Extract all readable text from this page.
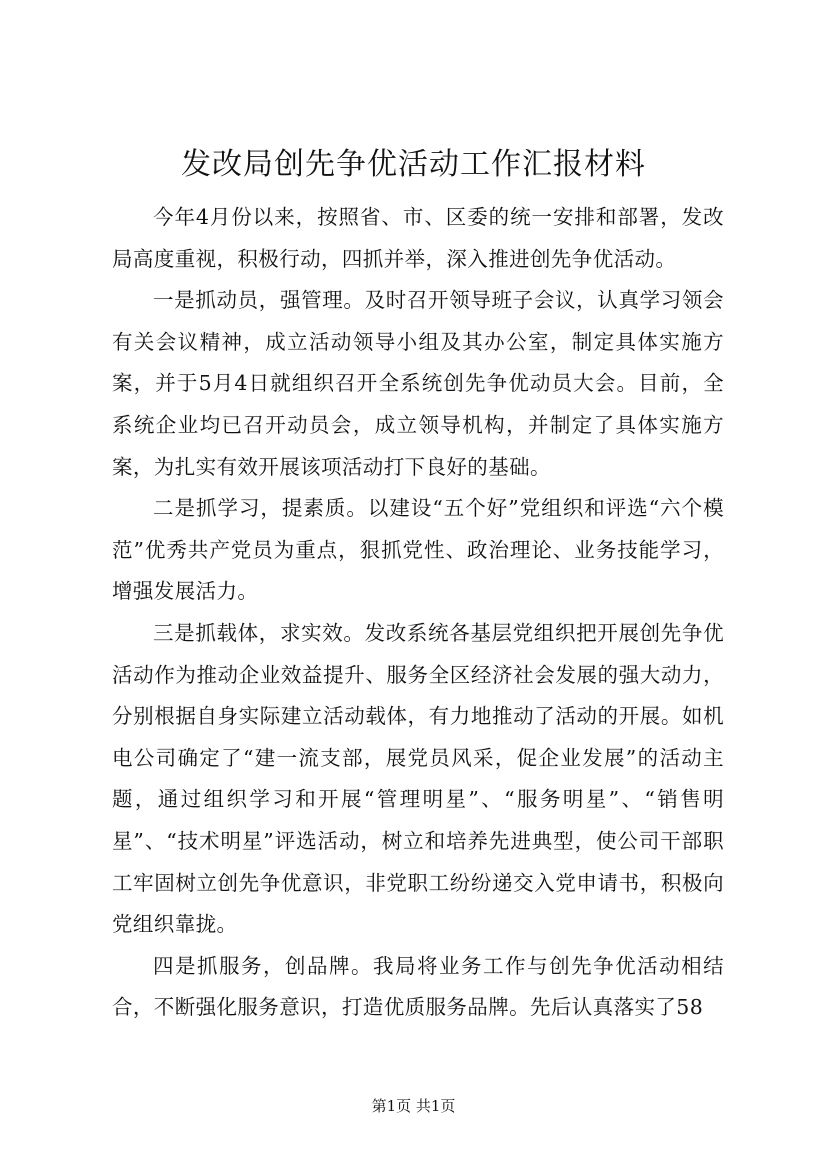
发改局创先争优活动工作汇报材料

今年4月份以来，按照省、市、区委的统一安排和部署，发改局高度重视，积极行动，四抓并举，深入推进创先争优活动。

一是抓动员，强管理。及时召开领导班子会议，认真学习领会有关会议精神，成立活动领导小组及其办公室，制定具体实施方案，并于5月4日就组织召开全系统创先争优动员大会。目前，全系统企业均已召开动员会，成立领导机构，并制定了具体实施方案，为扎实有效开展该项活动打下良好的基础。

二是抓学习，提素质。以建设“五个好”党组织和评选“六个模范”优秀共产党员为重点，狠抓党性、政治理论、业务技能学习，增强发展活力。

三是抓载体，求实效。发改系统各基层党组织把开展创先争优活动作为推动企业效益提升、服务全区经济社会发展的强大动力，分别根据自身实际建立活动载体，有力地推动了活动的开展。如机电公司确定了“建一流支部，展党员风采，促企业发展”的活动主题，通过组织学习和开展“管理明星”、“服务明星”、“销售明星”、“技术明星”评选活动，树立和培养先进典型，使公司干部职工牢固树立创先争优意识，非党职工纷纷递交入党申请书，积极向党组织靠拢。

四是抓服务，创品牌。我局将业务工作与创先争优活动相结合，不断强化服务意识，打造优质服务品牌。先后认真落实了58

第1页 共1页
